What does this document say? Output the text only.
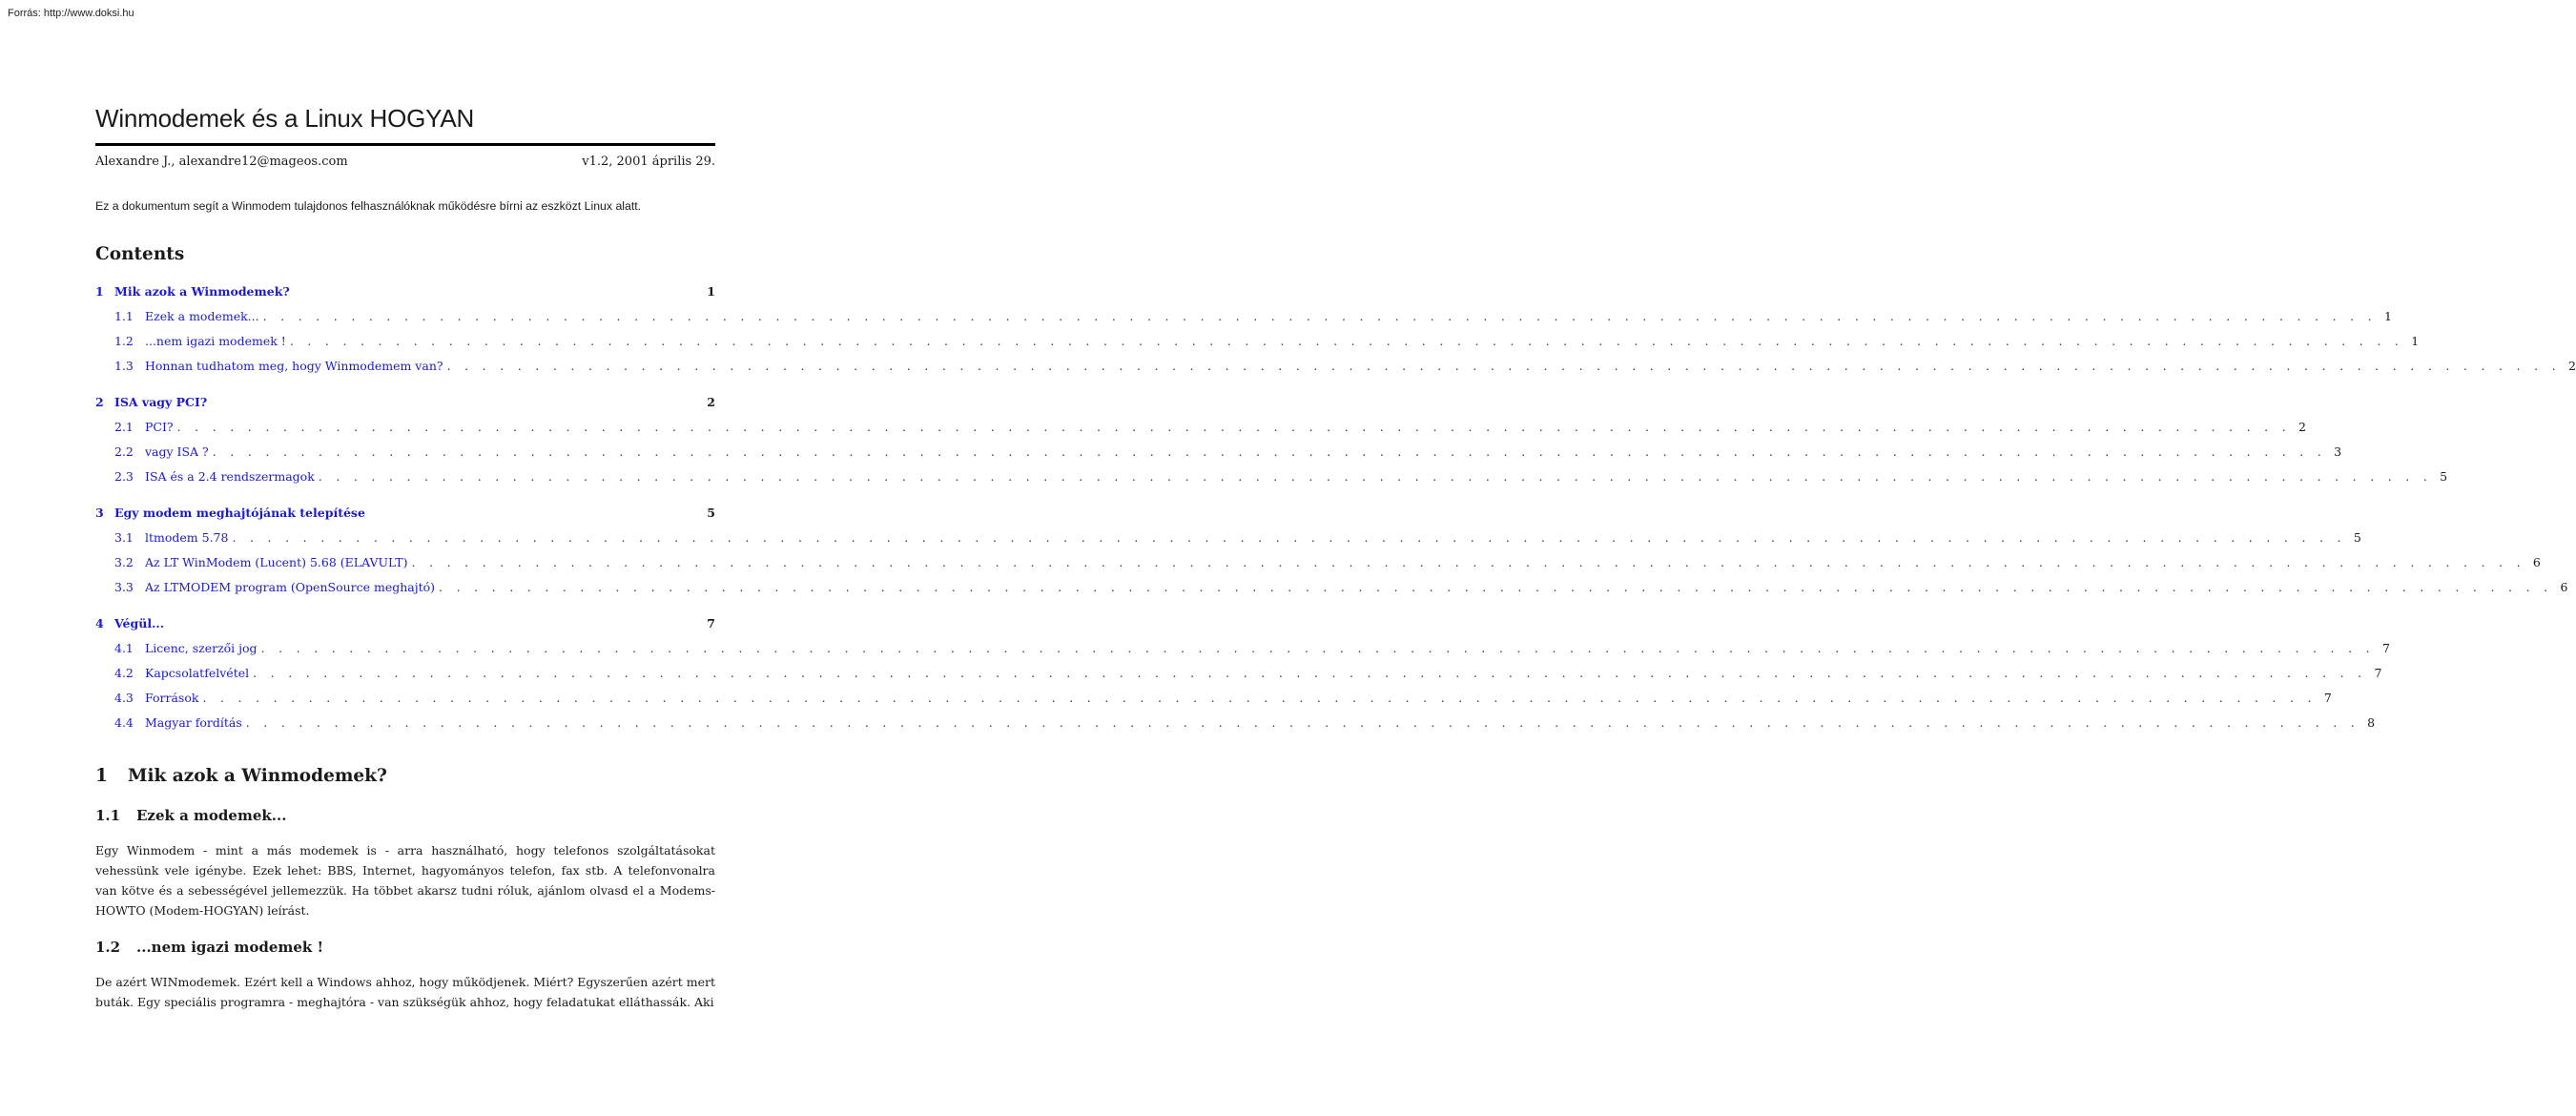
Forrás: http://www.doksi.hu
Winmodemek és a Linux HOGYAN
Alexandre J., alexandre12@mageos.com	v1.2, 2001 április 29.
Ez a dokumentum segít a Winmodem tulajdonos felhasználóknak működésre bírni az eszközt Linux alatt.
Contents
1 Mik azok a Winmodemek?	1
1.1 Ezek a modemek... . . . . . . . . . . . . . . . . . . . . . . . . . . . . . . . . . . . . . . . . . . . . . . . . . . . . . . . . . . . . . . . . . . . . . . . . . . . . . . . . . . . . . . . . . . . . . . . . . . . . . . . . . . . . . . . . . . . . . . . . 1
1.2 ...nem igazi modemek ! . . . . . . . . . . . . . . . . . . . . . . . . . . . . . . . . . . . . . . . . . . . . . . . . . . . . . . . . . . . . . . . . . . . . . . . . . . . . . . . . . . . . . . . . . . . . . . . . . . . . . . . . . . . . . . . . . . . . . . . . 1
1.3 Honnan tudhatom meg, hogy Winmodemem van? . . . . . . . . . . . . . . . . . . . . . . . . . . . . . . . . . . . . . . . . . . . . . . . . . . . . . . . . . . . . . . . . . . . . . . . . . . . . . . . . . . . . . . . . . . . . . . . . . . . . . . . . . . . . . . . . . . . . . . . . 2
2 ISA vagy PCI?	2
2.1 PCI? . . . . . . . . . . . . . . . . . . . . . . . . . . . . . . . . . . . . . . . . . . . . . . . . . . . . . . . . . . . . . . . . . . . . . . . . . . . . . . . . . . . . . . . . . . . . . . . . . . . . . . . . . . . . . . . . . . . . . . . . 2
2.2 vagy ISA ? . . . . . . . . . . . . . . . . . . . . . . . . . . . . . . . . . . . . . . . . . . . . . . . . . . . . . . . . . . . . . . . . . . . . . . . . . . . . . . . . . . . . . . . . . . . . . . . . . . . . . . . . . . . . . . . . . . . . . . . . 3
2.3 ISA és a 2.4 rendszermagok . . . . . . . . . . . . . . . . . . . . . . . . . . . . . . . . . . . . . . . . . . . . . . . . . . . . . . . . . . . . . . . . . . . . . . . . . . . . . . . . . . . . . . . . . . . . . . . . . . . . . . . . . . . . . . . . . . . . . . . . 5
3 Egy modem meghajtójának telepítése	5
3.1 ltmodem 5.78 . . . . . . . . . . . . . . . . . . . . . . . . . . . . . . . . . . . . . . . . . . . . . . . . . . . . . . . . . . . . . . . . . . . . . . . . . . . . . . . . . . . . . . . . . . . . . . . . . . . . . . . . . . . . . . . . . . . . . . . . 5
3.2 Az LT WinModem (Lucent) 5.68 (ELAVULT) . . . . . . . . . . . . . . . . . . . . . . . . . . . . . . . . . . . . . . . . . . . . . . . . . . . . . . . . . . . . . . . . . . . . . . . . . . . . . . . . . . . . . . . . . . . . . . . . . . . . . . . . . . . . . . . . . . . . . . . . 6
3.3 Az LTMODEM program (OpenSource meghajtó) . . . . . . . . . . . . . . . . . . . . . . . . . . . . . . . . . . . . . . . . . . . . . . . . . . . . . . . . . . . . . . . . . . . . . . . . . . . . . . . . . . . . . . . . . . . . . . . . . . . . . . . . . . . . . . . . . . . . . . . . 6
4 Végül...	7
4.1 Licenc, szerzői jog . . . . . . . . . . . . . . . . . . . . . . . . . . . . . . . . . . . . . . . . . . . . . . . . . . . . . . . . . . . . . . . . . . . . . . . . . . . . . . . . . . . . . . . . . . . . . . . . . . . . . . . . . . . . . . . . . . . . . . . . 7
4.2 Kapcsolatfelvétel . . . . . . . . . . . . . . . . . . . . . . . . . . . . . . . . . . . . . . . . . . . . . . . . . . . . . . . . . . . . . . . . . . . . . . . . . . . . . . . . . . . . . . . . . . . . . . . . . . . . . . . . . . . . . . . . . . . . . . . . 7
4.3 Források . . . . . . . . . . . . . . . . . . . . . . . . . . . . . . . . . . . . . . . . . . . . . . . . . . . . . . . . . . . . . . . . . . . . . . . . . . . . . . . . . . . . . . . . . . . . . . . . . . . . . . . . . . . . . . . . . . . . . . . . 7
4.4 Magyar fordítás . . . . . . . . . . . . . . . . . . . . . . . . . . . . . . . . . . . . . . . . . . . . . . . . . . . . . . . . . . . . . . . . . . . . . . . . . . . . . . . . . . . . . . . . . . . . . . . . . . . . . . . . . . . . . . . . . . . . . . . . 8
1 Mik azok a Winmodemek?
1.1 Ezek a modemek...

Egy Winmodem - mint a más modemek is - arra használható, hogy telefonos szolgáltatásokat vehessünk vele igénybe. Ezek lehet: BBS, Internet, hagyományos telefon, fax stb. A telefonvonalra van kötve és a sebességével jellemezzük. Ha többet akarsz tudni róluk, ajánlom olvasd el a Modems-HOWTO (Modem-HOGYAN) leírást.

1.2 ...nem igazi modemek !

De azért WINmodemek. Ezért kell a Windows ahhoz, hogy működjenek. Miért? Egyszerűen azért mert buták. Egy speciális programra - meghajtóra - van szükségük ahhoz, hogy feladatukat elláthassák. Aki
